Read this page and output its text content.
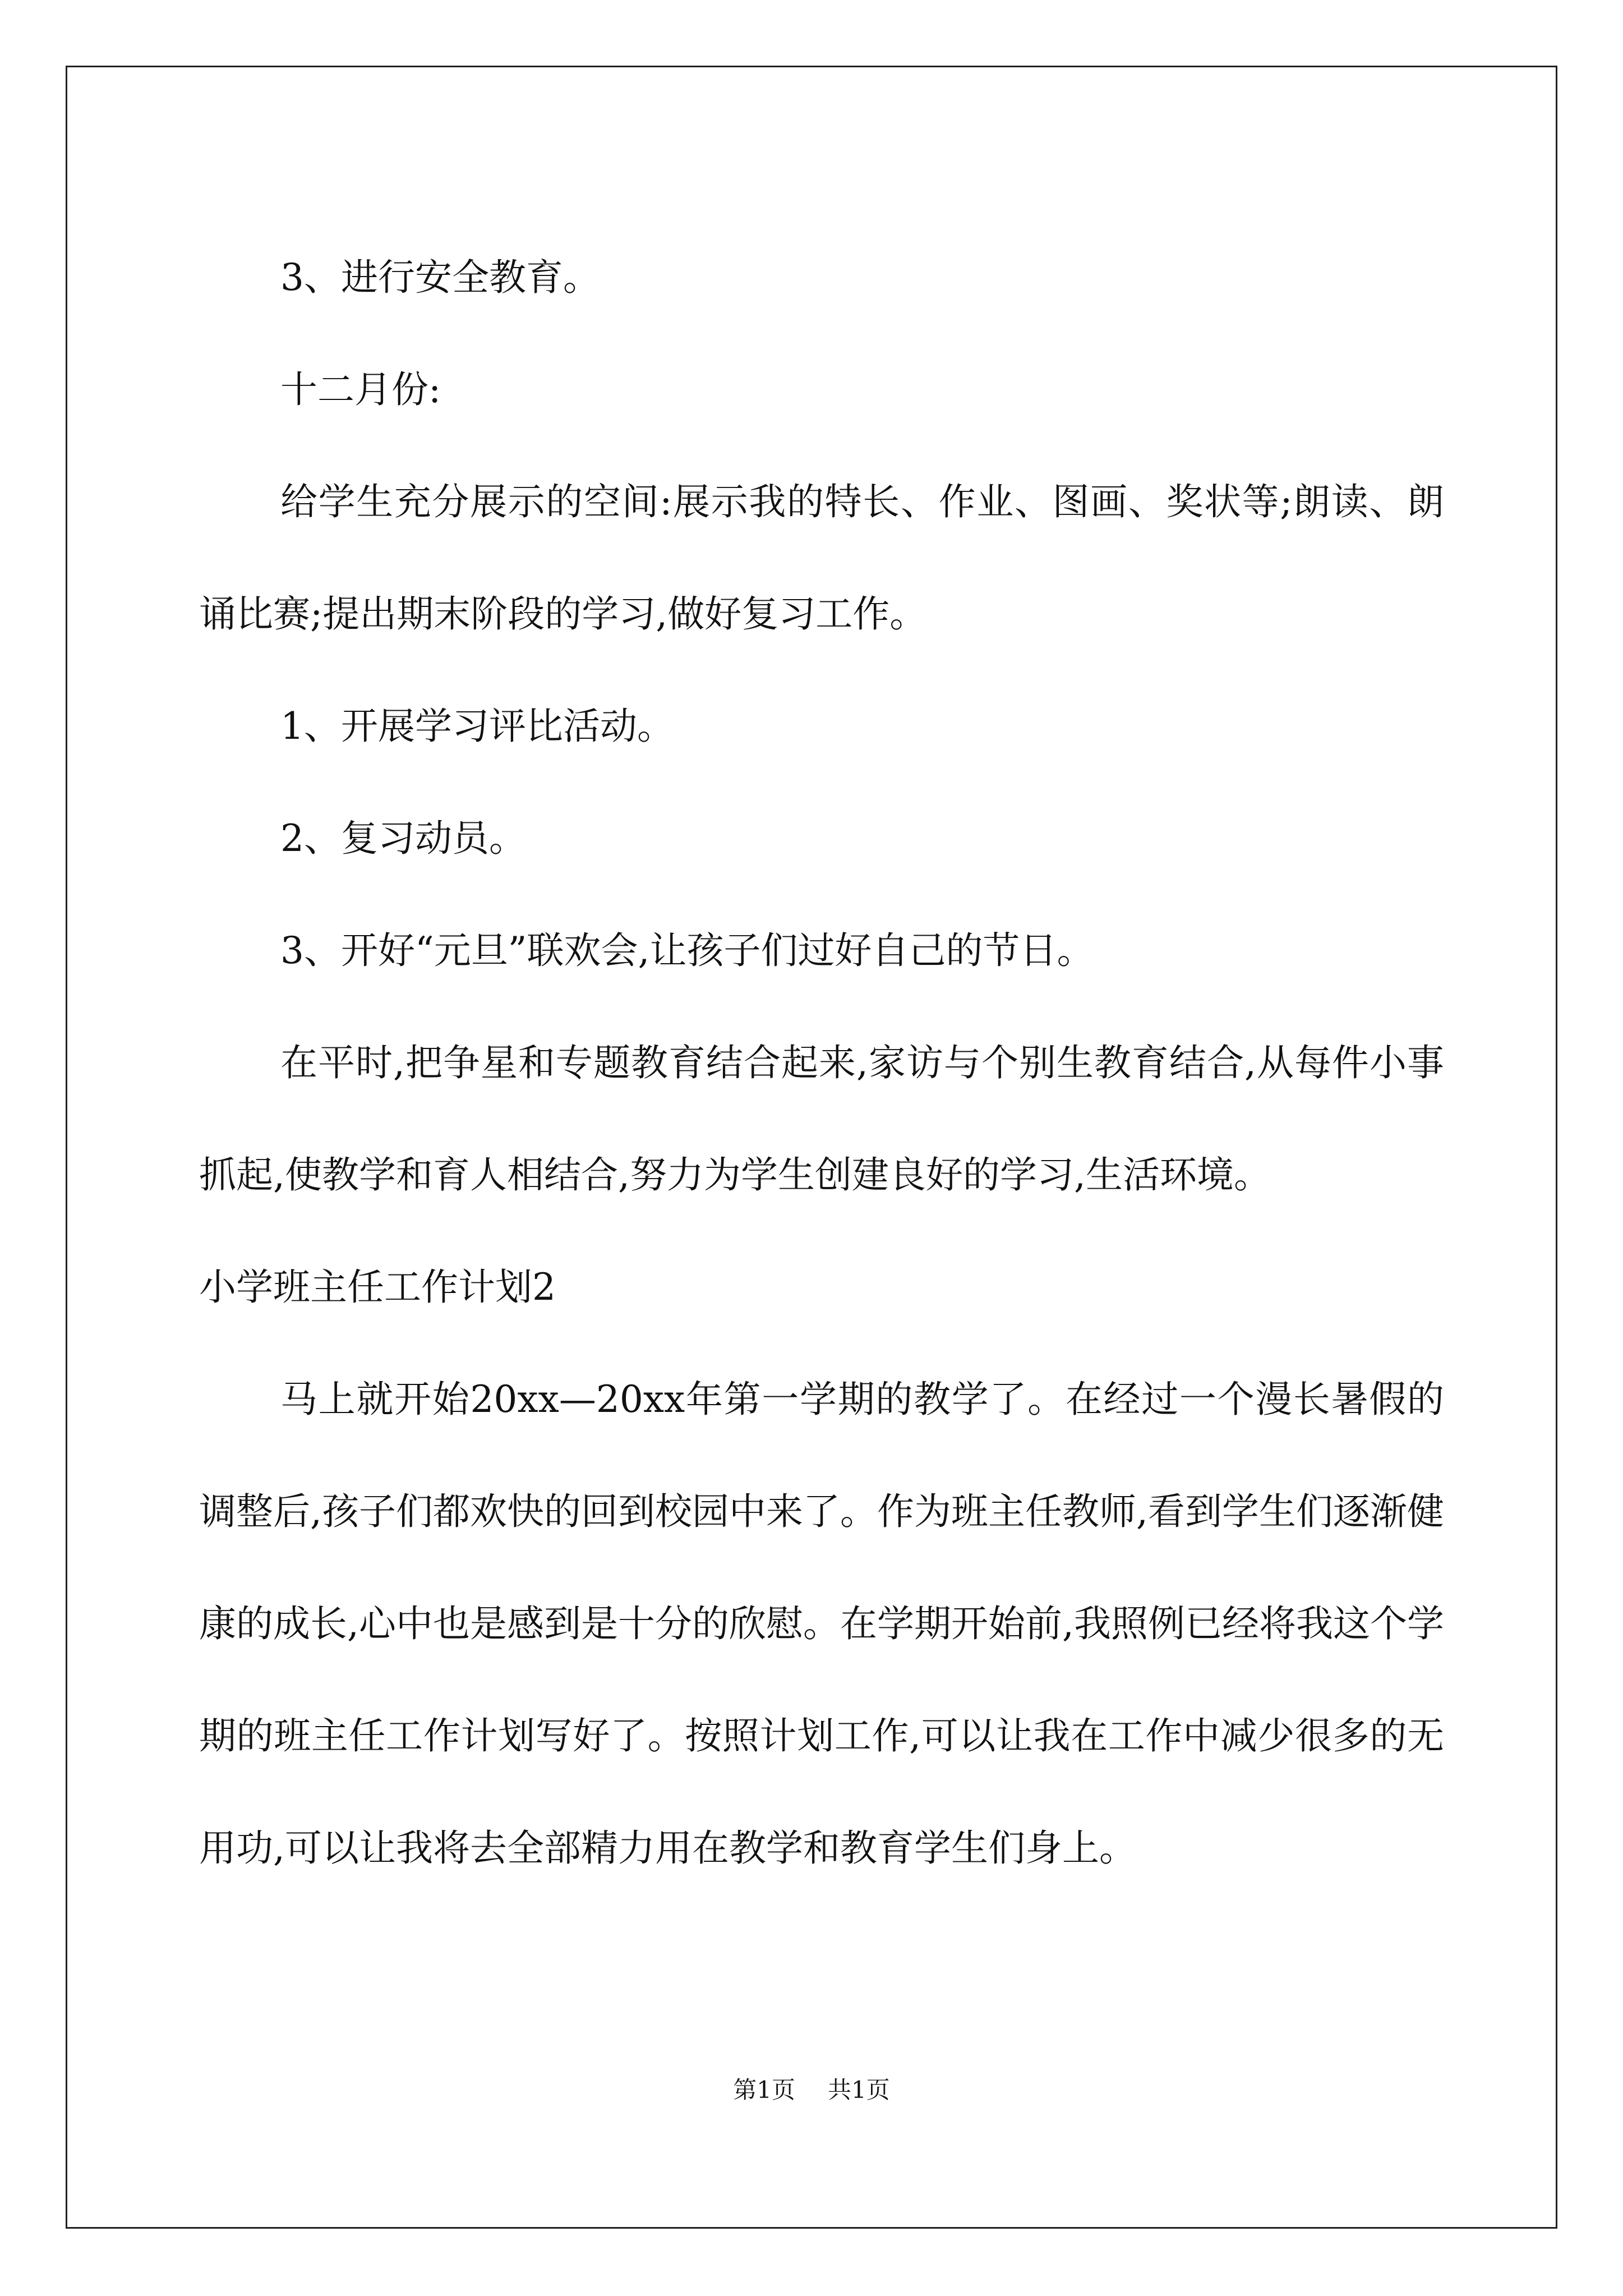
3、进行安全教育。

十二月份:

给学生充分展示的空间:展示我的特长、作业、图画、奖状等;朗读、朗诵比赛;提出期末阶段的学习,做好复习工作。

1、开展学习评比活动。

2、复习动员。

3、开好“元旦”联欢会,让孩子们过好自己的节日。

在平时,把争星和专题教育结合起来,家访与个别生教育结合,从每件小事抓起,使教学和育人相结合,努力为学生创建良好的学习,生活环境。

小学班主任工作计划2

马上就开始20xx—20xx年第一学期的教学了。在经过一个漫长暑假的调整后,孩子们都欢快的回到校园中来了。作为班主任教师,看到学生们逐渐健康的成长,心中也是感到是十分的欣慰。在学期开始前,我照例已经将我这个学期的班主任工作计划写好了。按照计划工作,可以让我在工作中减少很多的无用功,可以让我将去全部精力用在教学和教育学生们身上。

第1页 共1页
